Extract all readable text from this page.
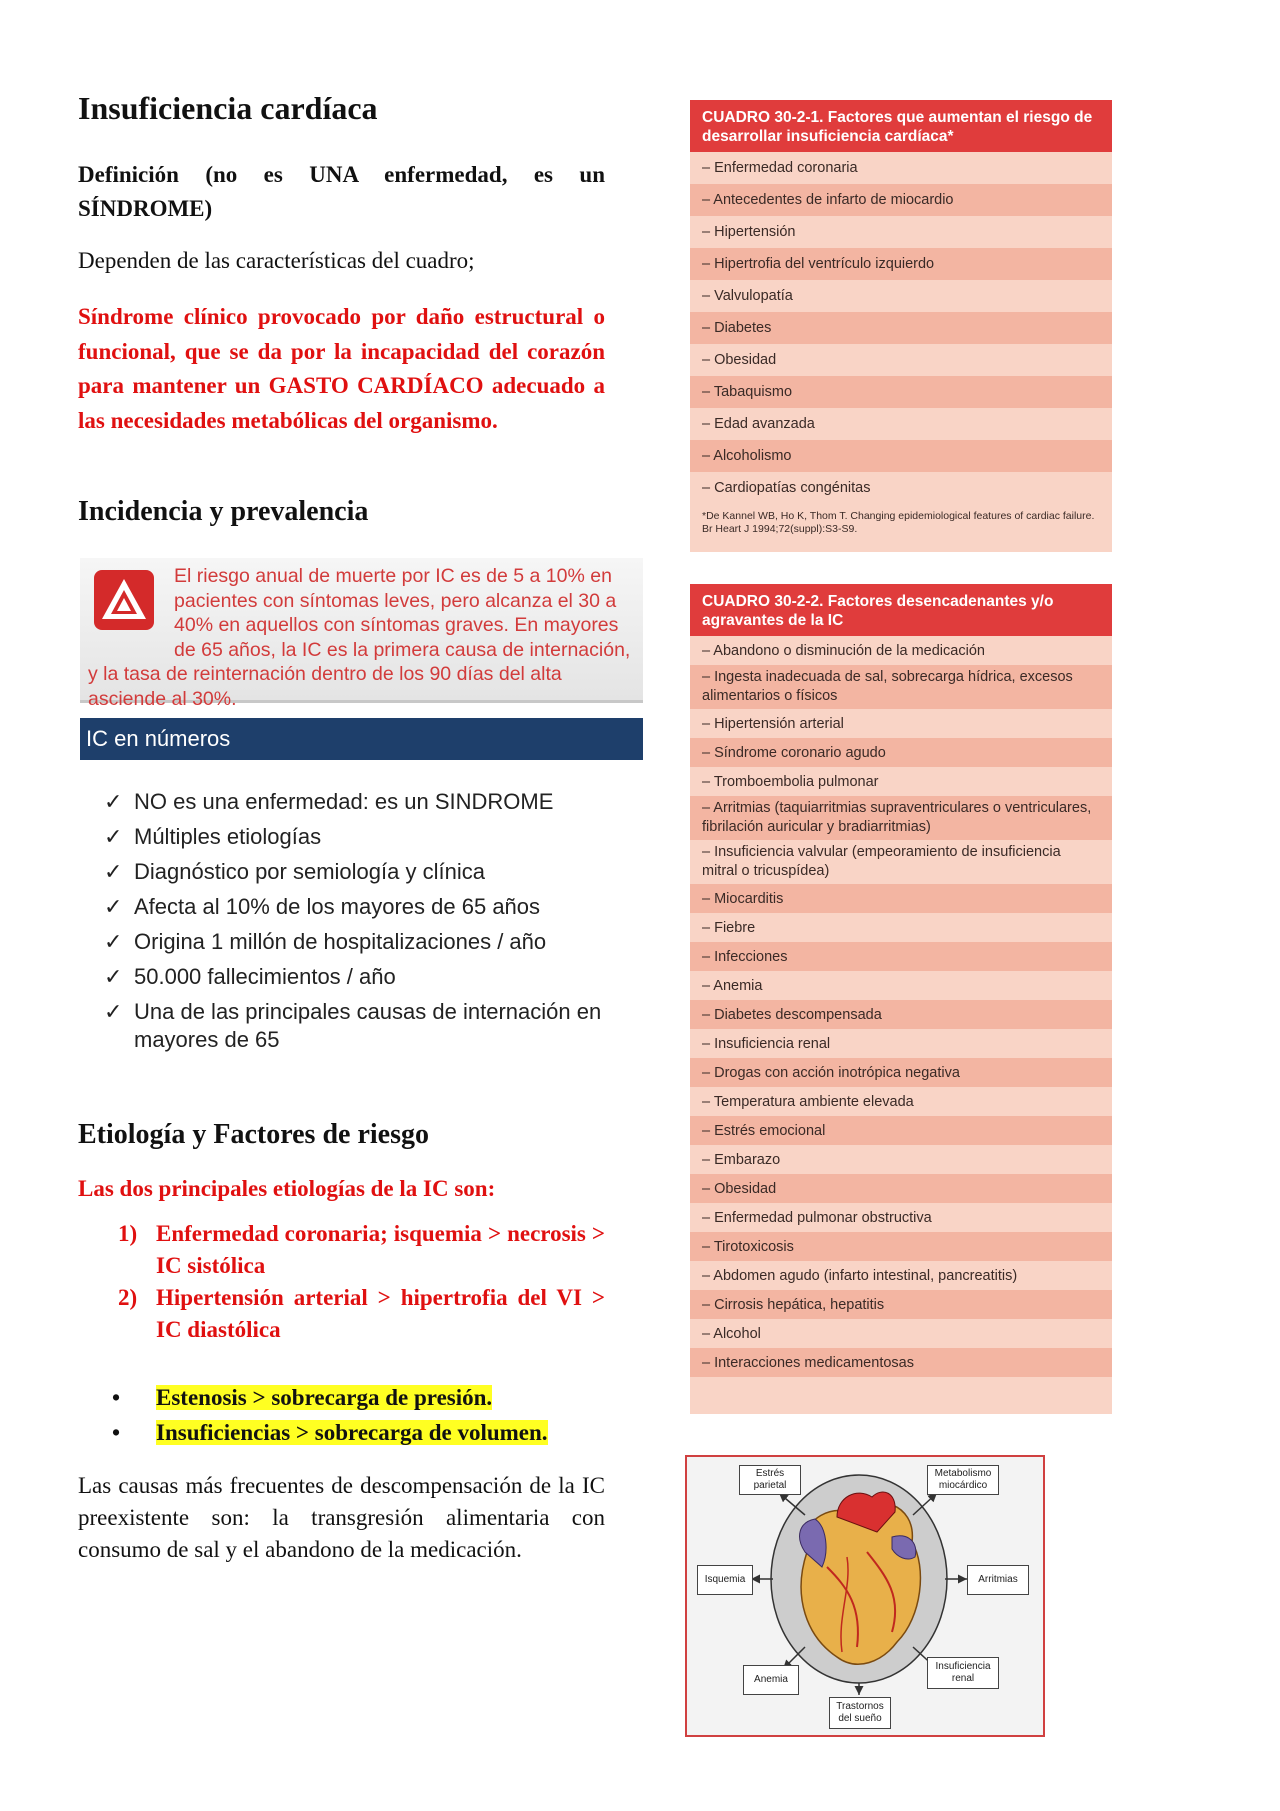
Insuficiencia cardíaca
Definición (no es UNA enfermedad, es un SÍNDROME)
Dependen de las características del cuadro;
Síndrome clínico provocado por daño estructural o funcional, que se da por la incapacidad del corazón para mantener un GASTO CARDÍACO adecuado a las necesidades metabólicas del organismo.
Incidencia y prevalencia
El riesgo anual de muerte por IC es de 5 a 10% en pacientes con síntomas leves, pero alcanza el 30 a 40% en aquellos con síntomas graves. En mayores de 65 años, la IC es la primera causa de internación, y la tasa de reinternación dentro de los 90 días del alta asciende al 30%.
IC en números
✓ NO es una enfermedad: es un SINDROME
✓ Múltiples etiologías
✓ Diagnóstico por semiología y clínica
✓ Afecta al 10% de los mayores de 65 años
✓ Origina 1 millón de hospitalizaciones / año
✓ 50.000 fallecimientos / año
✓ Una de las principales causas de internación en mayores de 65
Etiología y Factores de riesgo
Las dos principales etiologías de la IC son:
1) Enfermedad coronaria; isquemia > necrosis > IC sistólica
2) Hipertensión arterial > hipertrofia del VI > IC diastólica
• Estenosis > sobrecarga de presión.
• Insuficiencias > sobrecarga de volumen.
Las causas más frecuentes de descompensación de la IC preexistente son: la transgresión alimentaria con consumo de sal y el abandono de la medicación.
CUADRO 30-2-1. Factores que aumentan el riesgo de desarrollar insuficiencia cardíaca*
– Enfermedad coronaria
– Antecedentes de infarto de miocardio
– Hipertensión
– Hipertrofia del ventrículo izquierdo
– Valvulopatía
– Diabetes
– Obesidad
– Tabaquismo
– Edad avanzada
– Alcoholismo
– Cardiopatías congénitas
*De Kannel WB, Ho K, Thom T. Changing epidemiological features of cardiac failure. Br Heart J 1994;72(suppl):S3-S9.
CUADRO 30-2-2. Factores desencadenantes y/o agravantes de la IC
– Abandono o disminución de la medicación
– Ingesta inadecuada de sal, sobrecarga hídrica, excesos alimentarios o físicos
– Hipertensión arterial
– Síndrome coronario agudo
– Tromboembolia pulmonar
– Arritmias (taquiarritmias supraventriculares o ventriculares, fibrilación auricular y bradiarritmias)
– Insuficiencia valvular (empeoramiento de insuficiencia mitral o tricuspídea)
– Miocarditis
– Fiebre
– Infecciones
– Anemia
– Diabetes descompensada
– Insuficiencia renal
– Drogas con acción inotrópica negativa
– Temperatura ambiente elevada
– Estrés emocional
– Embarazo
– Obesidad
– Enfermedad pulmonar obstructiva
– Tirotoxicosis
– Abdomen agudo (infarto intestinal, pancreatitis)
– Cirrosis hepática, hepatitis
– Alcohol
– Interacciones medicamentosas
Estrés parietal
Metabolismo miocárdico
Isquemia	Arritmias
Anemia
Insuficiencia renal
Trastornos del sueño
